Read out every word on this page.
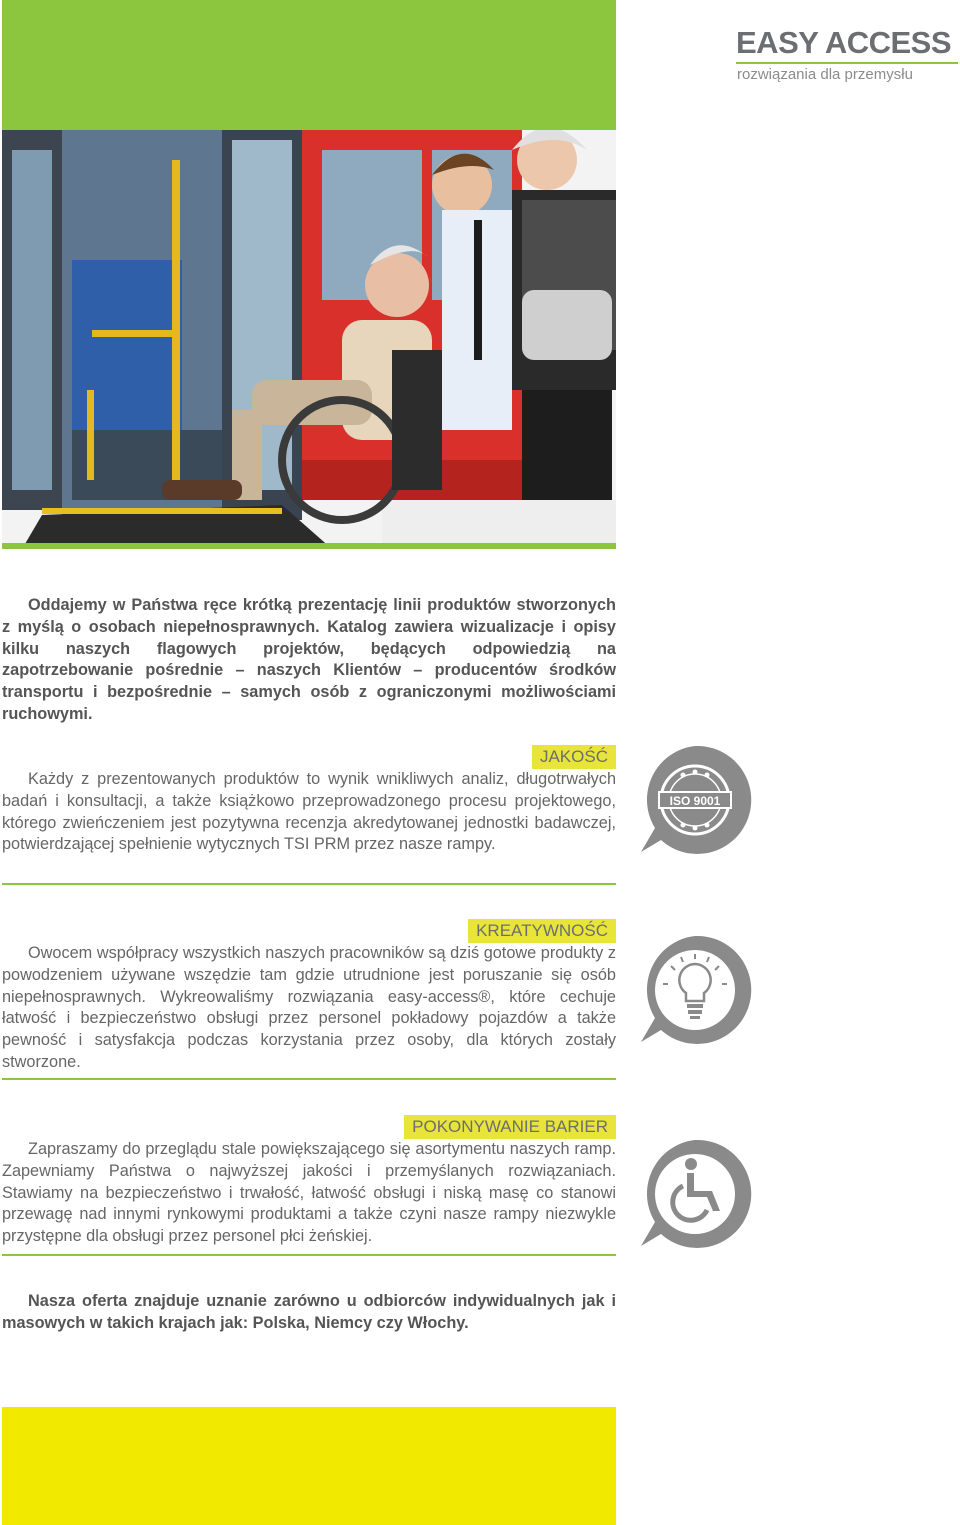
EASY ACCESS
rozwiązania dla przemysłu
Oddajemy w Państwa ręce krótką prezentację linii produktów stworzonych z myślą o osobach niepełnosprawnych. Katalog zawiera wizualizacje i opisy kilku naszych flagowych projektów, będących odpowiedzią na zapotrzebowanie pośrednie – naszych Klientów – producentów środków transportu i bezpośrednie – samych osób z ograniczonymi możliwościami ruchowymi.
JAKOŚĆ
Każdy z prezentowanych produktów to wynik wnikliwych analiz, długotrwałych badań i konsultacji, a także książkowo przeprowadzonego procesu projektowego, którego zwieńczeniem jest pozytywna recenzja akredytowanej jednostki badawczej, potwierdzającej spełnienie wytycznych TSI PRM przez nasze rampy.
ISO 9001
KREATYWNOŚĆ
Owocem współpracy wszystkich naszych pracowników są dziś gotowe produkty z powodzeniem używane wszędzie tam gdzie utrudnione jest poruszanie się osób niepełnosprawnych. Wykreowaliśmy rozwiązania easy-access®, które cechuje łatwość i bezpieczeństwo obsługi przez personel pokładowy pojazdów a także pewność i satysfakcja podczas korzystania przez osoby, dla których zostały stworzone.
POKONYWANIE BARIER
Zapraszamy do przeglądu stale powiększającego się asortymentu naszych ramp. Zapewniamy Państwa o najwyższej jakości i przemyślanych rozwiązaniach. Stawiamy na bezpieczeństwo i trwałość, łatwość obsługi i niską masę co stanowi przewagę nad innymi rynkowymi produktami a także czyni nasze rampy niezwykle przystępne dla obsługi przez personel płci żeńskiej.
Nasza oferta znajduje uznanie zarówno u odbiorców indywidualnych jak i masowych w takich krajach jak: Polska, Niemcy czy Włochy.
